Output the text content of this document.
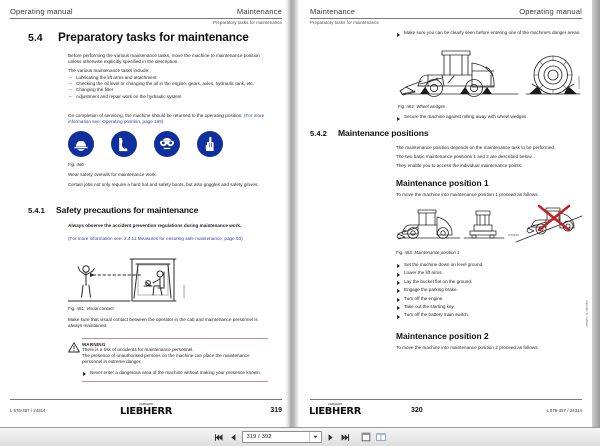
Operating manual	Maintenance
Preparatory tasks for maintenance
5.4	Preparatory tasks for maintenance
Before performing the various maintenance tasks, move the machine to maintenance position unless otherwise explicitly specified in the description.
The various maintenance tasks include:
– Lubricating the lift arms and attachment
– Checking the oil level or changing the oil in the engine, gears, axles, hydraulic tank, etc.
– Changing the filter
– Adjustment and repair work on the hydraulic system
On completion of servicing, the machine should be returned to the operating position. (For more information see: Operating position, page 169)
Fig. 460
Wear safety overalls for maintenance work.
Certain jobs not only require a hard hat and safety boots, but also goggles and safety gloves.
5.4.1	Safety precautions for maintenance
Always observe the accident prevention regulations during maintenance work.
(For more information see: 2.4.11 Measures for ensuring safe maintenance, page 93)
LFR/10234
Fig. 461: Visual contact
Make sure that visual contact between the operator in the cab and maintenance personnel is always maintained.
WARNING
There is a risk of accidents for maintenance personnel.
The presence of unauthorised persons on the machine can place the maintenance personnel in extreme danger.
Never enter a dangerous area of the machine without making your presence known.
L 576-457 / 24314
LIEBHERR
LIEBHERR	319
Maintenance	Operating manual
Preparatory tasks for maintenance
Make sure you can be clearly seen before entering one of the machine's danger areas.
LFR/10235
Fig. 462: Wheel wedges
Secure the machine against rolling away with wheel wedges.
5.4.2	Maintenance positions
The maintenance position depends on the maintenance task to be performed.
The two basic maintenance positions 1 and 2 are described below.
They enable you to access the individual maintenance points.
Maintenance position 1
To move the machine into maintenance position 1 proceed as follows.
LFR/9951
Fig. 463: Maintenance position 1
Set the machine down on level ground.
Lower the lift arms.
Lay the bucket flat on the ground.
Engage the parking brake.
Turn off the engine.
Take out the starting key.
Turn off the battery main switch.
Maintenance position 2
To move the machine into maintenance position 2 proceed as follows.
copyright by Liebherr
320
LIEBHERR
LIEBHERR	L 576-457 / 24314
319 / 392
